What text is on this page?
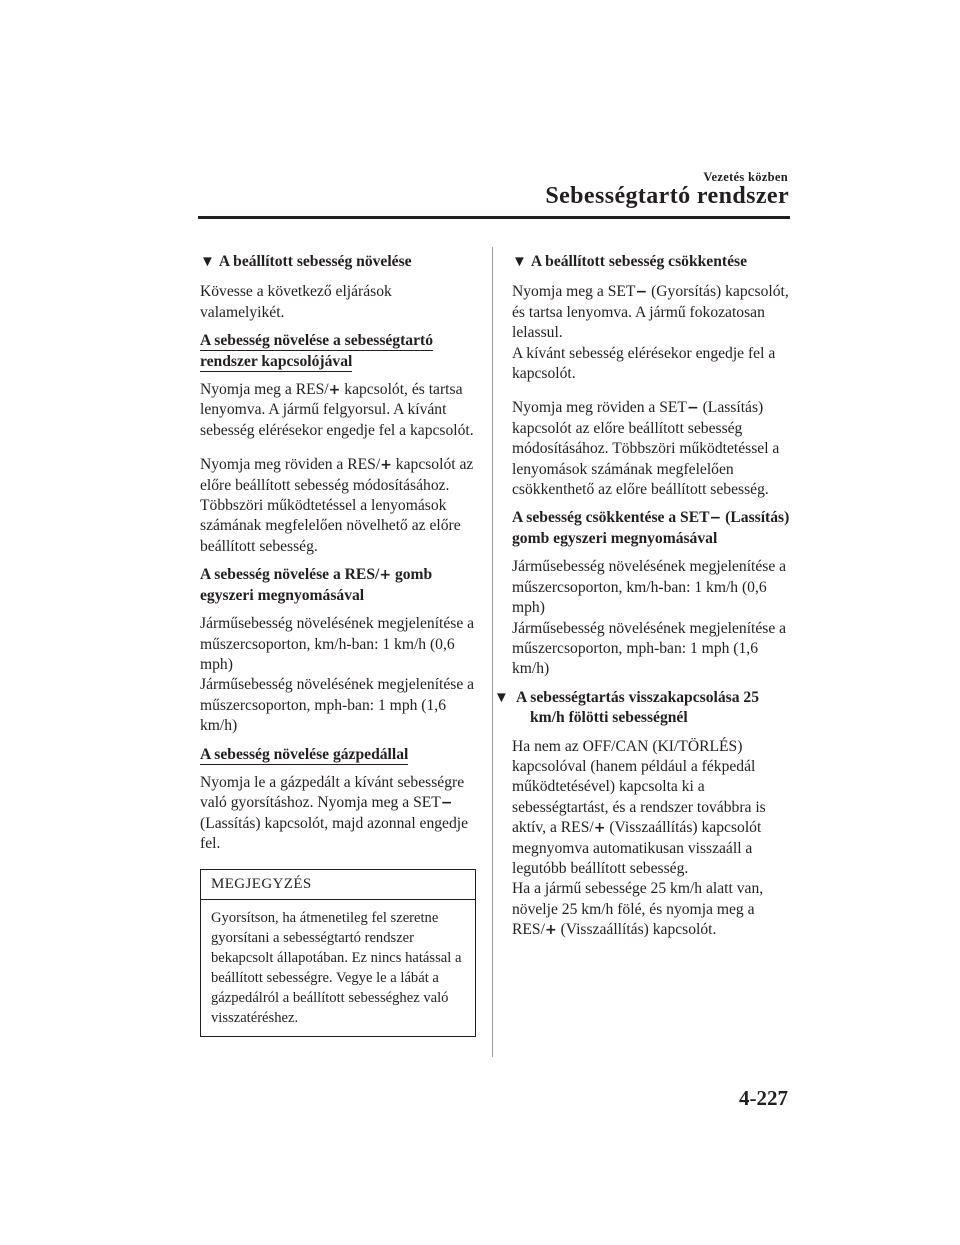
Vezetés közben
Sebességtartó rendszer
▼ A beállított sebesség növelése

Kövesse a következő eljárások valamelyikét.

A sebesség növelése a sebességtartó
rendszer kapcsolójával

Nyomja meg a RES/+ kapcsolót, és tartsa lenyomva. A jármű felgyorsul. A kívánt sebesség elérésekor engedje fel a kapcsolót.

Nyomja meg röviden a RES/+ kapcsolót az előre beállított sebesség módosításához. Többszöri működtetéssel a lenyomások számának megfelelően növelhető az előre beállított sebesség.

A sebesség növelése a RES/+ gomb egyszeri megnyomásával

Járműsebesség növelésének megjelenítése a műszercsoporton, km/h-ban: 1 km/h (0,6 mph)

Járműsebesség növelésének megjelenítése a műszercsoporton, mph-ban: 1 mph (1,6 km/h)

A sebesség növelése gázpedállal

Nyomja le a gázpedált a kívánt sebességre való gyorsításhoz. Nyomja meg a SET− (Lassítás) kapcsolót, majd azonnal engedje fel.

MEGJEGYZÉS
Gyorsítson, ha átmenetileg fel szeretne gyorsítani a sebességtartó rendszer bekapcsolt állapotában. Ez nincs hatással a beállított sebességre. Vegye le a lábát a gázpedálról a beállított sebességhez való visszatéréshez.
▼ A beállított sebesség csökkentése

Nyomja meg a SET− (Gyorsítás) kapcsolót, és tartsa lenyomva. A jármű fokozatosan lelassul.

A kívánt sebesség elérésekor engedje fel a kapcsolót.

Nyomja meg röviden a SET− (Lassítás) kapcsolót az előre beállított sebesség módosításához. Többszöri működtetéssel a lenyomások számának megfelelően csökkenthető az előre beállított sebesség.

A sebesség csökkentése a SET− (Lassítás) gomb egyszeri megnyomásával

Járműsebesség növelésének megjelenítése a műszercsoporton, km/h-ban: 1 km/h (0,6 mph)

Járműsebesség növelésének megjelenítése a műszercsoporton, mph-ban: 1 mph (1,6 km/h)

▼ A sebességtartás visszakapcsolása 25 km/h fölötti sebességnél

Ha nem az OFF/CAN (KI/TÖRLÉS) kapcsolóval (hanem például a fékpedál működtetésével) kapcsolta ki a sebességtartást, és a rendszer továbbra is aktív, a RES/+ (Visszaállítás) kapcsolót megnyomva automatikusan visszaáll a legutóbb beállított sebesség.

Ha a jármű sebessége 25 km/h alatt van, növelje 25 km/h fölé, és nyomja meg a RES/+ (Visszaállítás) kapcsolót.

4-227
